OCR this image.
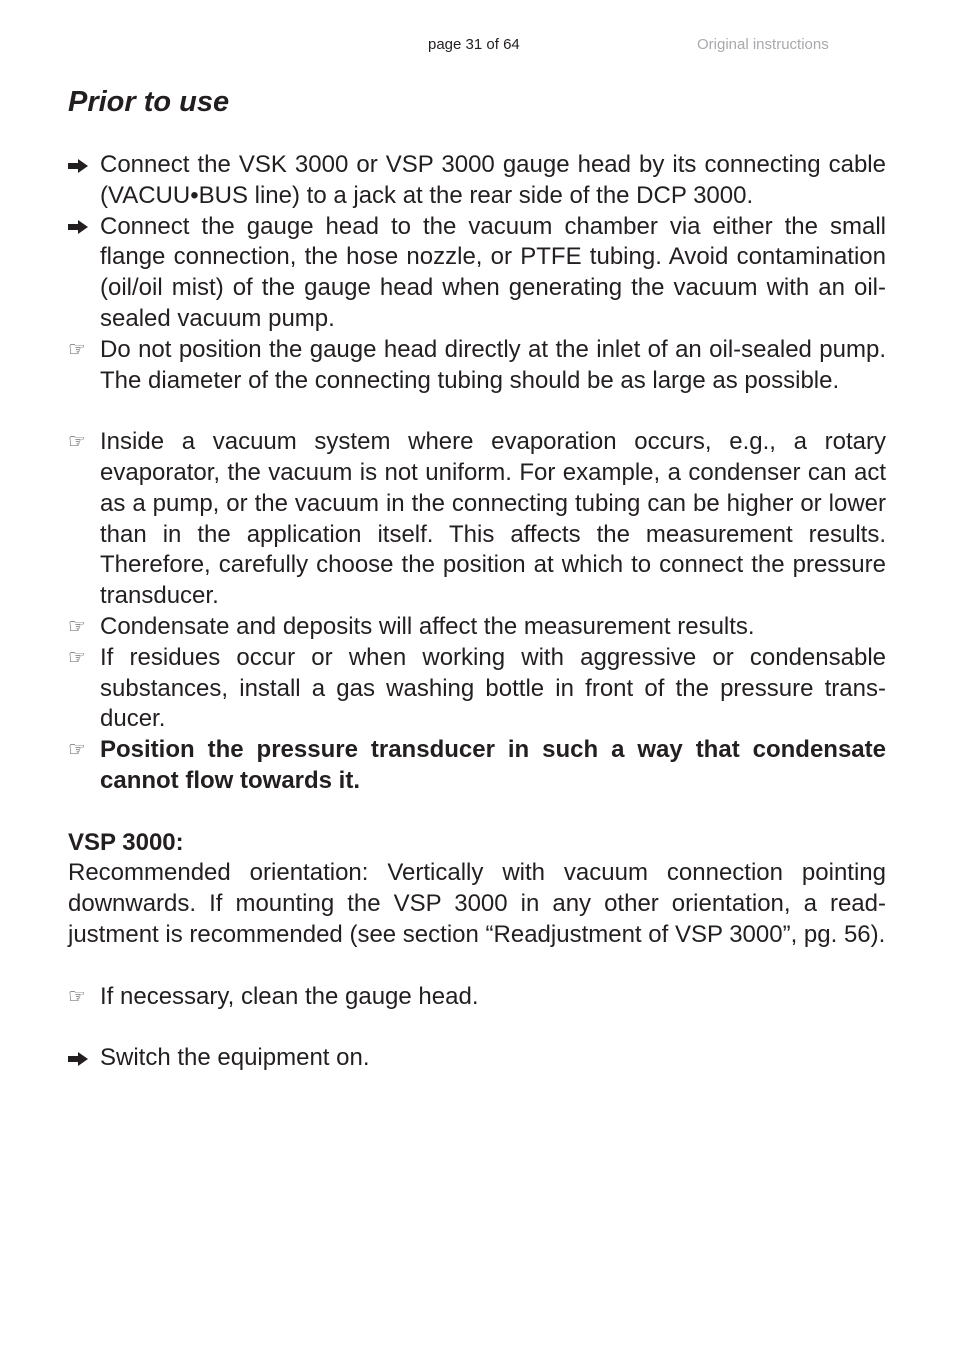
page 31 of 64	Original instructions
Prior to use
Connect the VSK 3000 or VSP 3000 gauge head by its connecting cable (VACUU•BUS line) to a jack at the rear side of the DCP 3000.
Connect the gauge head to the vacuum chamber via either the small flange connection, the hose nozzle, or PTFE tubing. Avoid contamination (oil/oil mist) of the gauge head when generating the vacuum with an oil-sealed vacuum pump.
☞ Do not position the gauge head directly at the inlet of an oil-sealed pump. The diameter of the connecting tubing should be as large as possible.
☞ Inside a vacuum system where evaporation occurs, e.g., a rotary evaporator, the vacuum is not uniform. For example, a condenser can act as a pump, or the vacuum in the connecting tubing can be higher or lower than in the application itself. This affects the measurement results. Therefore, carefully choose the position at which to connect the pressure transducer.
☞ Condensate and deposits will affect the measurement results.
☞ If residues occur or when working with aggressive or condensable substances, install a gas washing bottle in front of the pressure transducer.
☞ Position the pressure transducer in such a way that condensate cannot flow towards it.
VSP 3000:
Recommended orientation: Vertically with vacuum connection pointing downwards. If mounting the VSP 3000 in any other orientation, a readjustment is recommended (see section “Readjustment of VSP 3000”, pg. 56).
☞ If necessary, clean the gauge head.
Switch the equipment on.
